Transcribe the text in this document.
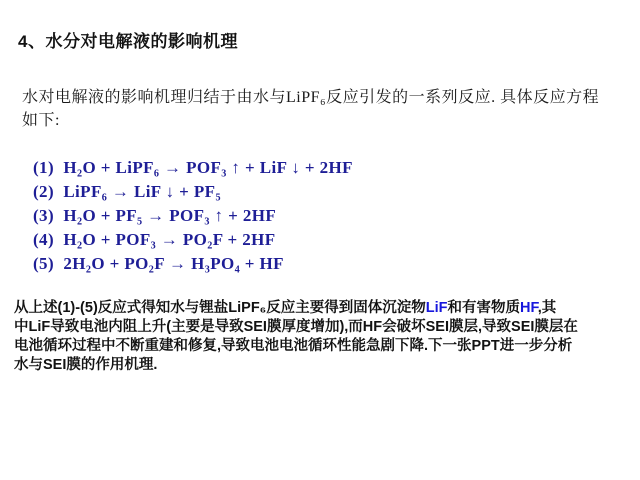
4、水分对电解液的影响机理

水对电解液的影响机理归结于由水与LiPF₆反应引发的一系列反应. 具体反应方程
如下:

(1)  H₂O + LiPF₆ → POF₃ ↑ + LiF ↓ + 2HF
(2)  LiPF₆ → LiF ↓ + PF₅
(3)  H₂O + PF₅ → POF₃ ↑ + 2HF
(4)  H₂O + POF₃ → PO₂F + 2HF
(5)  2H₂O + PO₂F → H₃PO₄ + HF

从上述(1)-(5)反应式得知水与锂盐LiPF₆反应主要得到固体沉淀物LiF和有害物质HF,其
中LiF导致电池内阻上升(主要是导致SEI膜厚度增加),而HF会破坏SEI膜层,导致SEI膜层在
电池循环过程中不断重建和修复,导致电池电池循环性能急剧下降.下一张PPT进一步分析
水与SEI膜的作用机理.
